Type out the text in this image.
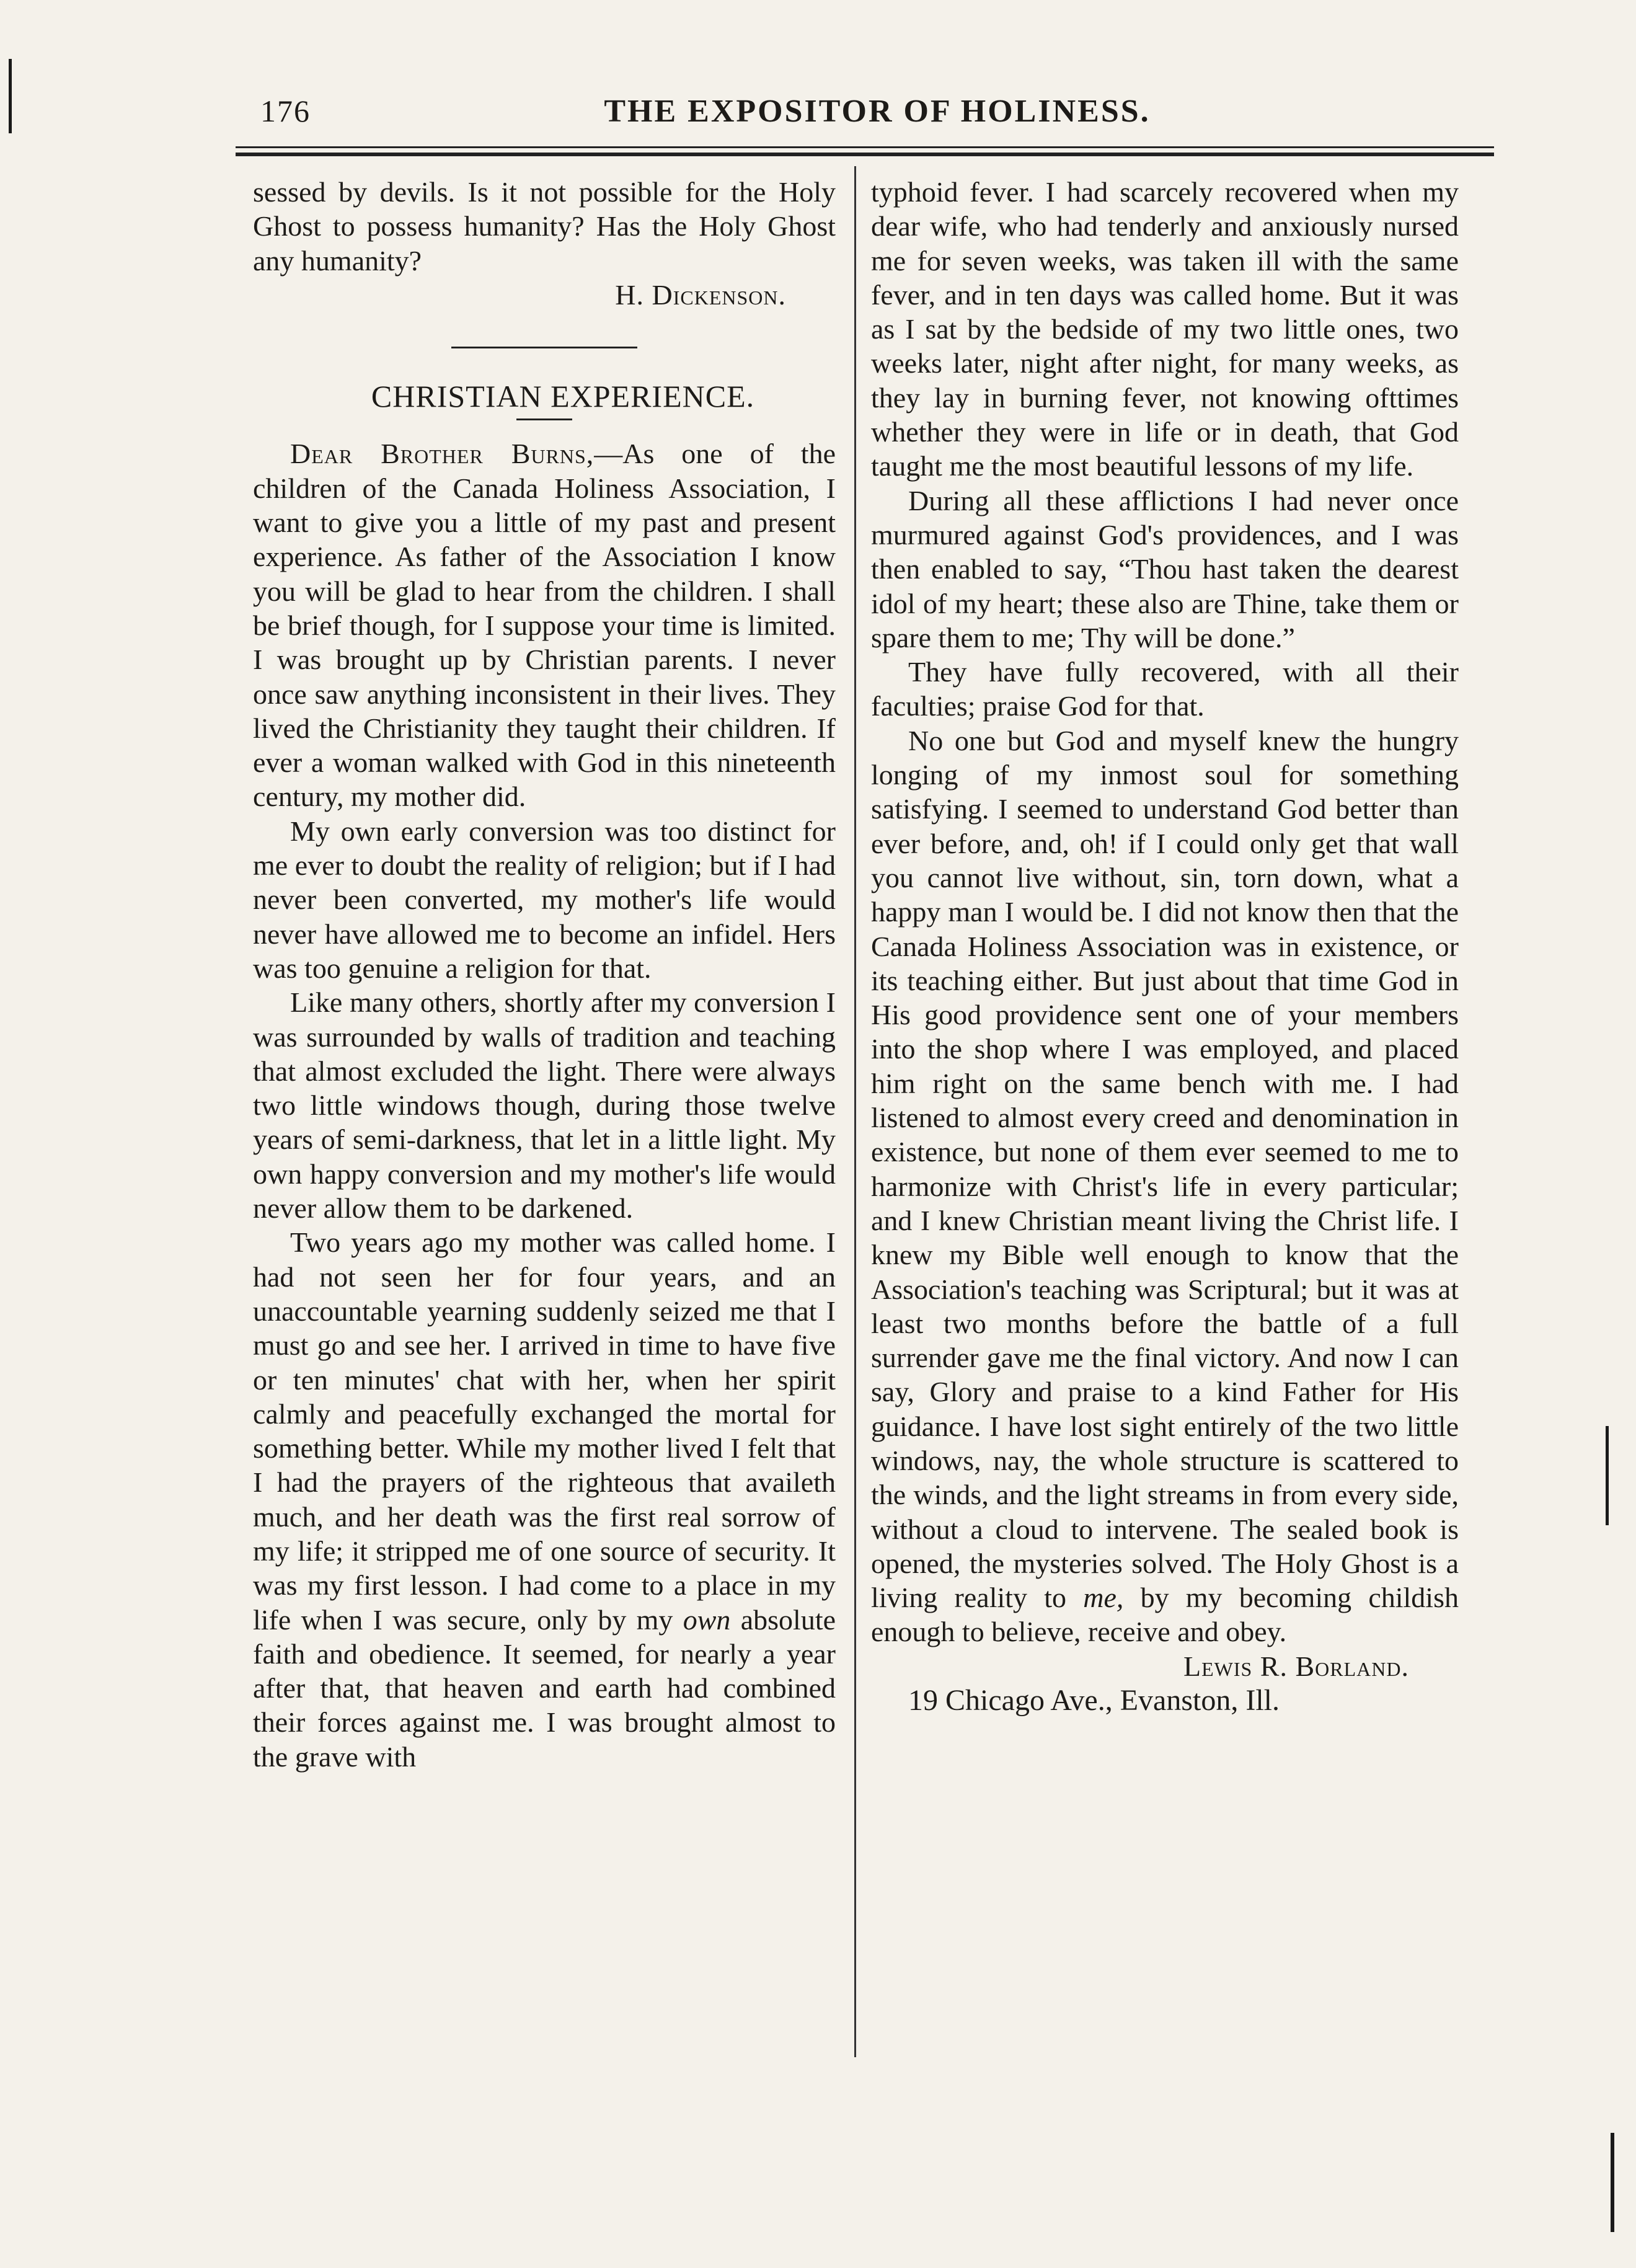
176	THE EXPOSITOR OF HOLINESS.

sessed by devils. Is it not possible for the Holy Ghost to possess humanity? Has the Holy Ghost any humanity?

H. Dickenson.

CHRISTIAN EXPERIENCE.

Dear Brother Burns,—As one of the children of the Canada Holiness Association, I want to give you a little of my past and present experience. As father of the Association I know you will be glad to hear from the children. I shall be brief though, for I suppose your time is limited. I was brought up by Christian parents. I never once saw anything inconsistent in their lives. They lived the Christianity they taught their children. If ever a woman walked with God in this nineteenth century, my mother did.

My own early conversion was too distinct for me ever to doubt the reality of religion; but if I had never been converted, my mother's life would never have allowed me to become an infidel. Hers was too genuine a religion for that.

Like many others, shortly after my conversion I was surrounded by walls of tradition and teaching that almost excluded the light. There were always two little windows though, during those twelve years of semi-darkness, that let in a little light. My own happy conversion and my mother's life would never allow them to be darkened.

Two years ago my mother was called home. I had not seen her for four years, and an unaccountable yearning suddenly seized me that I must go and see her. I arrived in time to have five or ten minutes' chat with her, when her spirit calmly and peacefully exchanged the mortal for something better. While my mother lived I felt that I had the prayers of the righteous that availeth much, and her death was the first real sorrow of my life; it stripped me of one source of security. It was my first lesson. I had come to a place in my life when I was secure, only by my own absolute faith and obedience. It seemed, for nearly a year after that, that heaven and earth had combined their forces against me. I was brought almost to the grave with

typhoid fever. I had scarcely recovered when my dear wife, who had tenderly and anxiously nursed me for seven weeks, was taken ill with the same fever, and in ten days was called home. But it was as I sat by the bedside of my two little ones, two weeks later, night after night, for many weeks, as they lay in burning fever, not knowing ofttimes whether they were in life or in death, that God taught me the most beautiful lessons of my life.

During all these afflictions I had never once murmured against God's providences, and I was then enabled to say, “Thou hast taken the dearest idol of my heart; these also are Thine, take them or spare them to me; Thy will be done.”

They have fully recovered, with all their faculties; praise God for that.

No one but God and myself knew the hungry longing of my inmost soul for something satisfying. I seemed to understand God better than ever before, and, oh! if I could only get that wall you cannot live without, sin, torn down, what a happy man I would be. I did not know then that the Canada Holiness Association was in existence, or its teaching either. But just about that time God in His good providence sent one of your members into the shop where I was employed, and placed him right on the same bench with me. I had listened to almost every creed and denomination in existence, but none of them ever seemed to me to harmonize with Christ's life in every particular; and I knew Christian meant living the Christ life. I knew my Bible well enough to know that the Association's teaching was Scriptural; but it was at least two months before the battle of a full surrender gave me the final victory. And now I can say, Glory and praise to a kind Father for His guidance. I have lost sight entirely of the two little windows, nay, the whole structure is scattered to the winds, and the light streams in from every side, without a cloud to intervene. The sealed book is opened, the mysteries solved. The Holy Ghost is a living reality to me, by my becoming childish enough to believe, receive and obey.

Lewis R. Borland.

19 Chicago Ave., Evanston, Ill.
